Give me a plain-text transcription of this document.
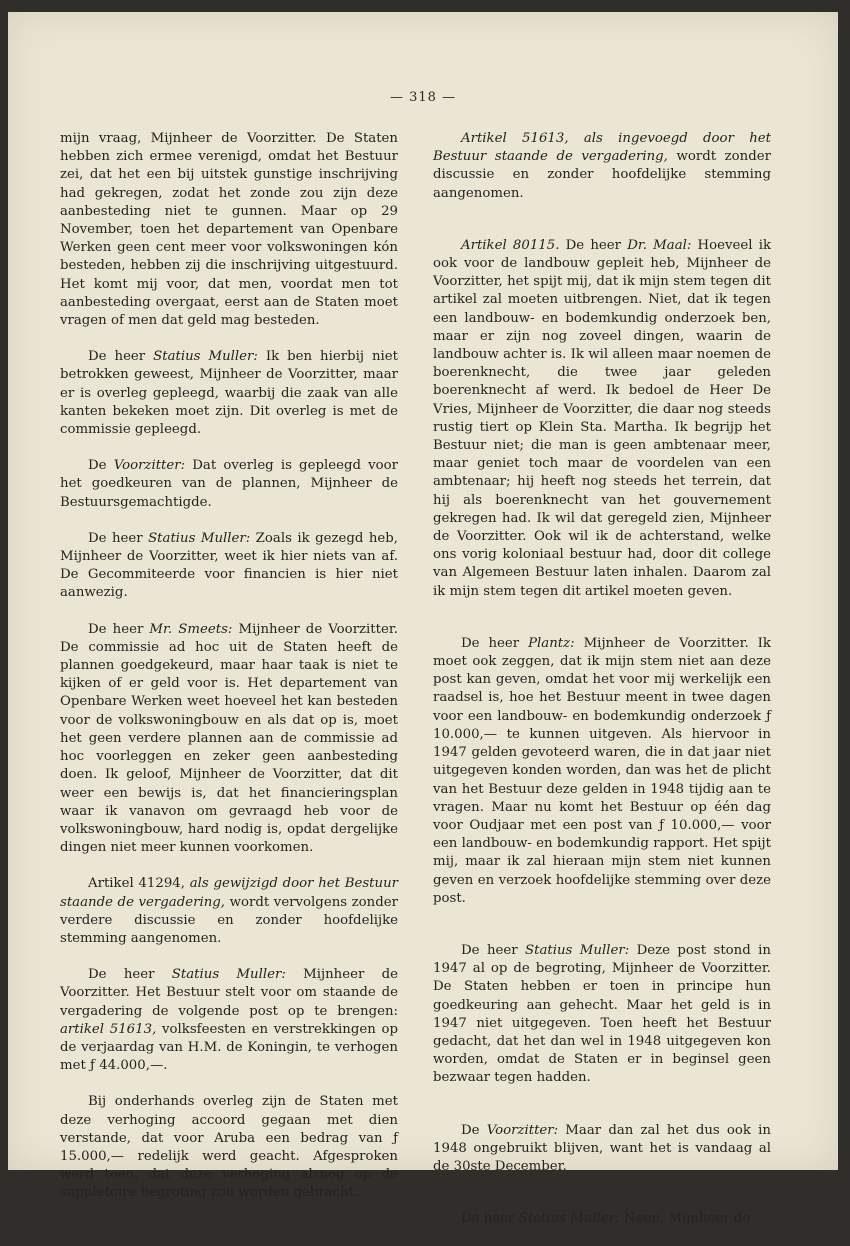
— 318 —

mijn vraag, Mijnheer de Voorzitter. De Staten hebben zich ermee verenigd, omdat het Bestuur zei, dat het een bij uitstek gunstige inschrijving had gekregen, zodat het zonde zou zijn deze aanbesteding niet te gunnen. Maar op 29 November, toen het departement van Openbare Werken geen cent meer voor volkswoningen kón besteden, hebben zij die inschrijving uitgestuurd. Het komt mij voor, dat men, voordat men tot aanbesteding overgaat, eerst aan de Staten moet vragen of men dat geld mag besteden.

De heer Statius Muller: Ik ben hierbij niet betrokken geweest, Mijnheer de Voorzitter, maar er is overleg gepleegd, waarbij die zaak van alle kanten bekeken moet zijn. Dit overleg is met de commissie gepleegd.

De Voorzitter: Dat overleg is gepleegd voor het goedkeuren van de plannen, Mijnheer de Bestuursgemachtigde.

De heer Statius Muller: Zoals ik gezegd heb, Mijnheer de Voorzitter, weet ik hier niets van af. De Gecommiteerde voor financien is hier niet aanwezig.

De heer Mr. Smeets: Mijnheer de Voorzitter. De commissie ad hoc uit de Staten heeft de plannen goedgekeurd, maar haar taak is niet te kijken of er geld voor is. Het departement van Openbare Werken weet hoeveel het kan besteden voor de volkswoningbouw en als dat op is, moet het geen verdere plannen aan de commissie ad hoc voorleggen en zeker geen aanbesteding doen. Ik geloof, Mijnheer de Voorzitter, dat dit weer een bewijs is, dat het financieringsplan waar ik vanavon om gevraagd heb voor de volkswoningbouw, hard nodig is, opdat dergelijke dingen niet meer kunnen voorkomen.

Artikel 41294, als gewijzigd door het Bestuur staande de vergadering, wordt vervolgens zonder verdere discussie en zonder hoofdelijke stemming aangenomen.

De heer Statius Muller: Mijnheer de Voorzitter. Het Bestuur stelt voor om staande de vergadering de volgende post op te brengen: artikel 51613, volksfeesten en verstrekkingen op de verjaardag van H.M. de Koningin, te verhogen met ƒ 44.000,—.

Bij onderhands overleg zijn de Staten met deze verhoging accoord gegaan met dien verstande, dat voor Aruba een bedrag van ƒ 15.000,— redelijk werd geacht. Afgesproken werd toen, dat deze verhoging alsnog op de suppletoire begroting zou worden gebracht.

Artikel 51613, als ingevoegd door het Bestuur staande de vergadering, wordt zonder discussie en zonder hoofdelijke stemming aangenomen.

Artikel 80115. De heer Dr. Maal: Hoeveel ik ook voor de landbouw gepleit heb, Mijnheer de Voorzitter, het spijt mij, dat ik mijn stem tegen dit artikel zal moeten uitbrengen. Niet, dat ik tegen een landbouw- en bodemkundig onderzoek ben, maar er zijn nog zoveel dingen, waarin de landbouw achter is. Ik wil alleen maar noemen de boerenknecht, die twee jaar geleden boerenknecht af werd. Ik bedoel de Heer De Vries, Mijnheer de Voorzitter, die daar nog steeds rustig tiert op Klein Sta. Martha. Ik begrijp het Bestuur niet; die man is geen ambtenaar meer, maar geniet toch maar de voordelen van een ambtenaar; hij heeft nog steeds het terrein, dat hij als boerenknecht van het gouvernement gekregen had. Ik wil dat geregeld zien, Mijnheer de Voorzitter. Ook wil ik de achterstand, welke ons vorig koloniaal bestuur had, door dit college van Algemeen Bestuur laten inhalen. Daarom zal ik mijn stem tegen dit artikel moeten geven.

De heer Plantz: Mijnheer de Voorzitter. Ik moet ook zeggen, dat ik mijn stem niet aan deze post kan geven, omdat het voor mij werkelijk een raadsel is, hoe het Bestuur meent in twee dagen voor een landbouw- en bodemkundig onderzoek ƒ 10.000,— te kunnen uitgeven. Als hiervoor in 1947 gelden gevoteerd waren, die in dat jaar niet uitgegeven konden worden, dan was het de plicht van het Bestuur deze gelden in 1948 tijdig aan te vragen. Maar nu komt het Bestuur op één dag voor Oudjaar met een post van ƒ 10.000,— voor een landbouw- en bodemkundig rapport. Het spijt mij, maar ik zal hieraan mijn stem niet kunnen geven en verzoek hoofdelijke stemming over deze post.

De heer Statius Muller: Deze post stond in 1947 al op de begroting, Mijnheer de Voorzitter. De Staten hebben er toen in principe hun goedkeuring aan gehecht. Maar het geld is in 1947 niet uitgegeven. Toen heeft het Bestuur gedacht, dat het dan wel in 1948 uitgegeven kon worden, omdat de Staten er in beginsel geen bezwaar tegen hadden.

De Voorzitter: Maar dan zal het dus ook in 1948 ongebruikt blijven, want het is vandaag al de 30ste December.

De heer Statius Muller: Neen, Mijnheer de
